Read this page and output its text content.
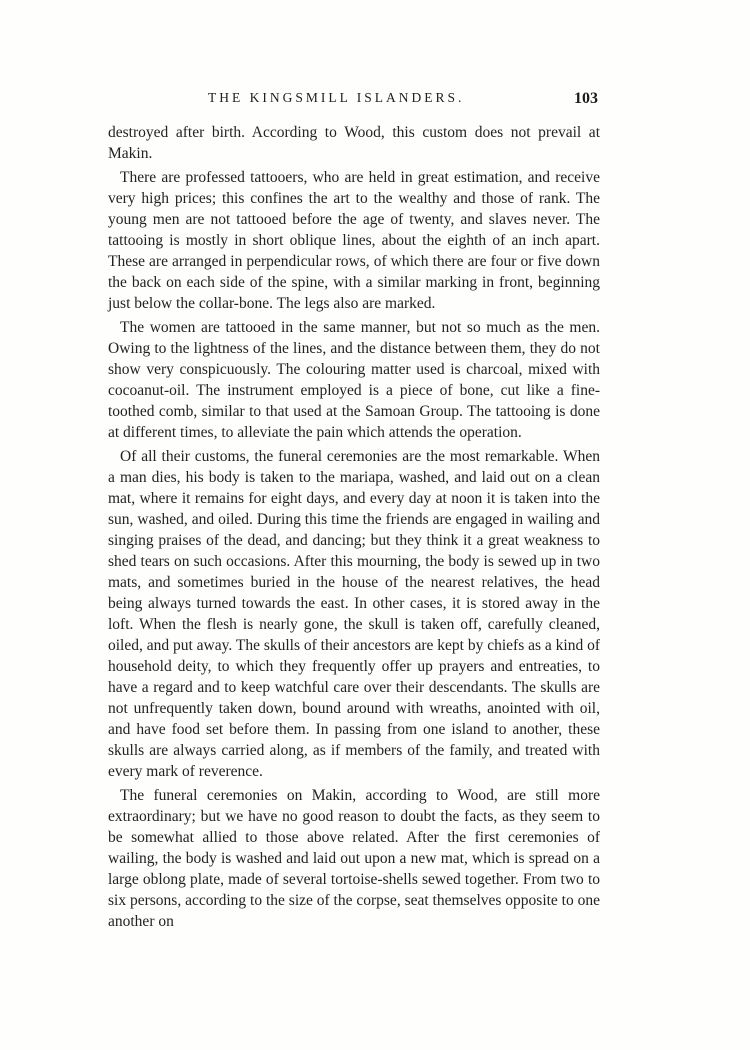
THE KINGSMILL ISLANDERS.	103

destroyed after birth. According to Wood, this custom does not prevail at Makin.

There are professed tattooers, who are held in great estimation, and receive very high prices; this confines the art to the wealthy and those of rank. The young men are not tattooed before the age of twenty, and slaves never. The tattooing is mostly in short oblique lines, about the eighth of an inch apart. These are arranged in perpendicular rows, of which there are four or five down the back on each side of the spine, with a similar marking in front, beginning just below the collar-bone. The legs also are marked.

The women are tattooed in the same manner, but not so much as the men. Owing to the lightness of the lines, and the distance between them, they do not show very conspicuously. The colouring matter used is charcoal, mixed with cocoanut-oil. The instrument employed is a piece of bone, cut like a fine-toothed comb, similar to that used at the Samoan Group. The tattooing is done at different times, to alleviate the pain which attends the operation.

Of all their customs, the funeral ceremonies are the most remarkable. When a man dies, his body is taken to the mariapa, washed, and laid out on a clean mat, where it remains for eight days, and every day at noon it is taken into the sun, washed, and oiled. During this time the friends are engaged in wailing and singing praises of the dead, and dancing; but they think it a great weakness to shed tears on such occasions. After this mourning, the body is sewed up in two mats, and sometimes buried in the house of the nearest relatives, the head being always turned towards the east. In other cases, it is stored away in the loft. When the flesh is nearly gone, the skull is taken off, carefully cleaned, oiled, and put away. The skulls of their ancestors are kept by chiefs as a kind of household deity, to which they frequently offer up prayers and entreaties, to have a regard and to keep watchful care over their descendants. The skulls are not unfrequently taken down, bound around with wreaths, anointed with oil, and have food set before them. In passing from one island to another, these skulls are always carried along, as if members of the family, and treated with every mark of reverence.

The funeral ceremonies on Makin, according to Wood, are still more extraordinary; but we have no good reason to doubt the facts, as they seem to be somewhat allied to those above related. After the first ceremonies of wailing, the body is washed and laid out upon a new mat, which is spread on a large oblong plate, made of several tortoise-shells sewed together. From two to six persons, according to the size of the corpse, seat themselves opposite to one another on
